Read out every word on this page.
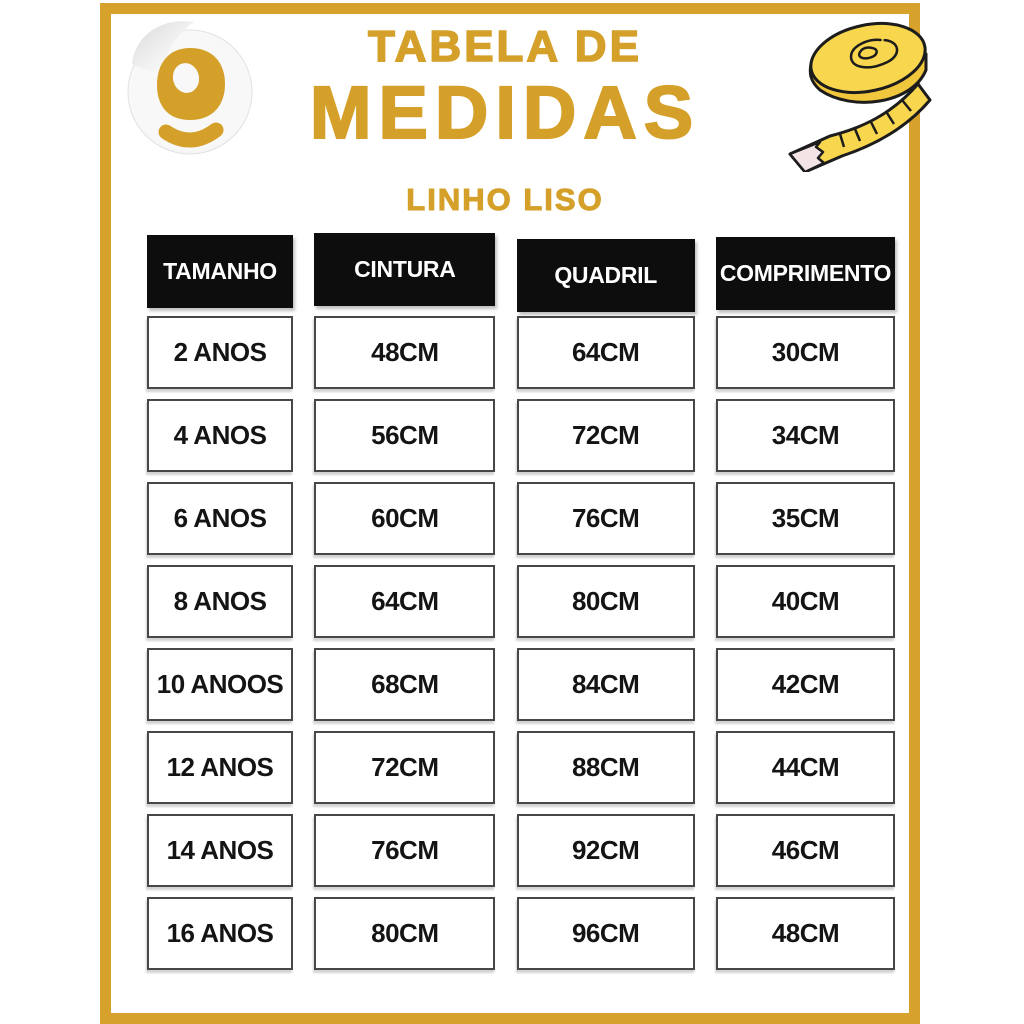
TABELA DE
MEDIDAS
LINHO LISO
TAMANHO	CINTURA	QUADRIL	COMPRIMENTO
2 ANOS	48CM	64CM	30CM
4 ANOS	56CM	72CM	34CM
6 ANOS	60CM	76CM	35CM
8 ANOS	64CM	80CM	40CM
10 ANOOS	68CM	84CM	42CM
12 ANOS	72CM	88CM	44CM
14 ANOS	76CM	92CM	46CM
16 ANOS	80CM	96CM	48CM
